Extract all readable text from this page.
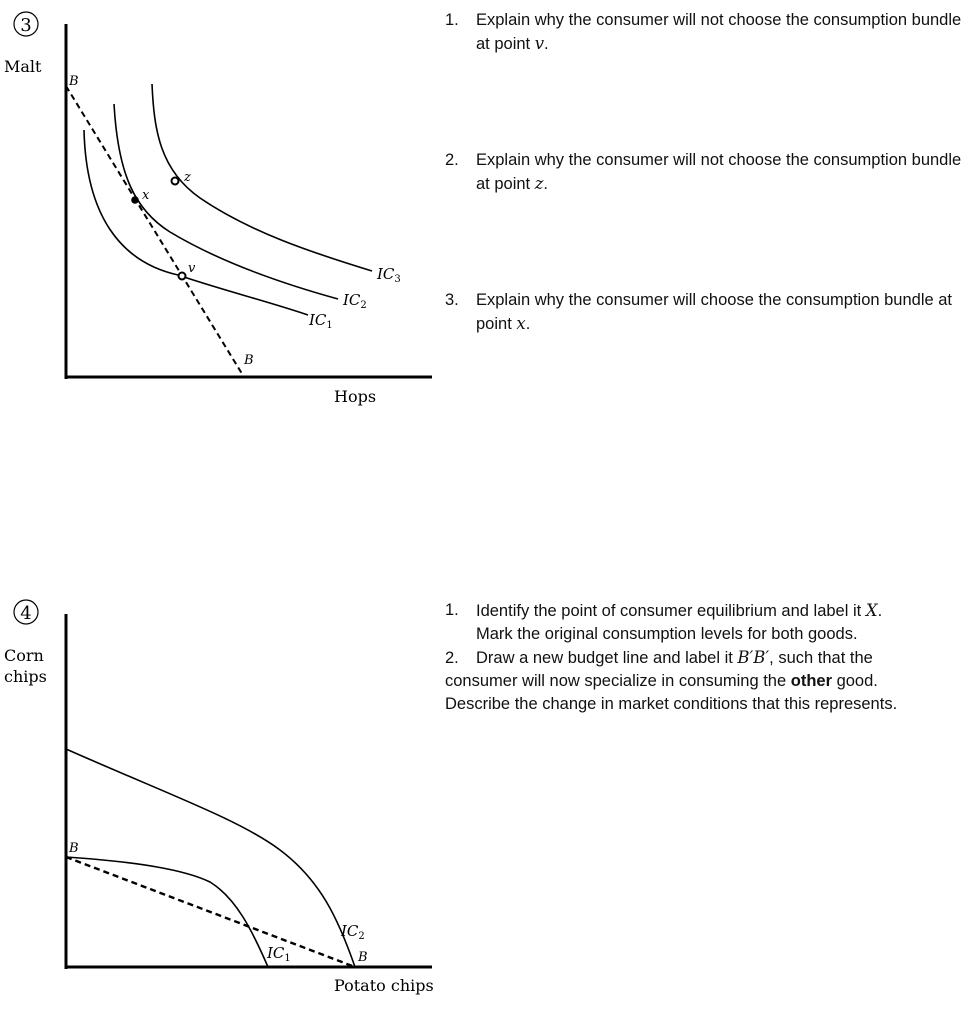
3
Malt
Hops
B
B
$IC_1$
$IC_2$
$IC_3$
x
z
v
4
Corn
chips
Potato chips
B
B
$IC_1$
$IC_2$
1. Explain why the consumer will not choose the consumption bundle at point v.
2. Explain why the consumer will not choose the consumption bundle at point z.
3. Explain why the consumer will choose the consumption bundle at point x.
1. Identify the point of consumer equilibrium and label it X.
Mark the original consumption levels for both goods.
2. Draw a new budget line and label it B′B′, such that the
consumer will now specialize in consuming the other good.
Describe the change in market conditions that this represents.
